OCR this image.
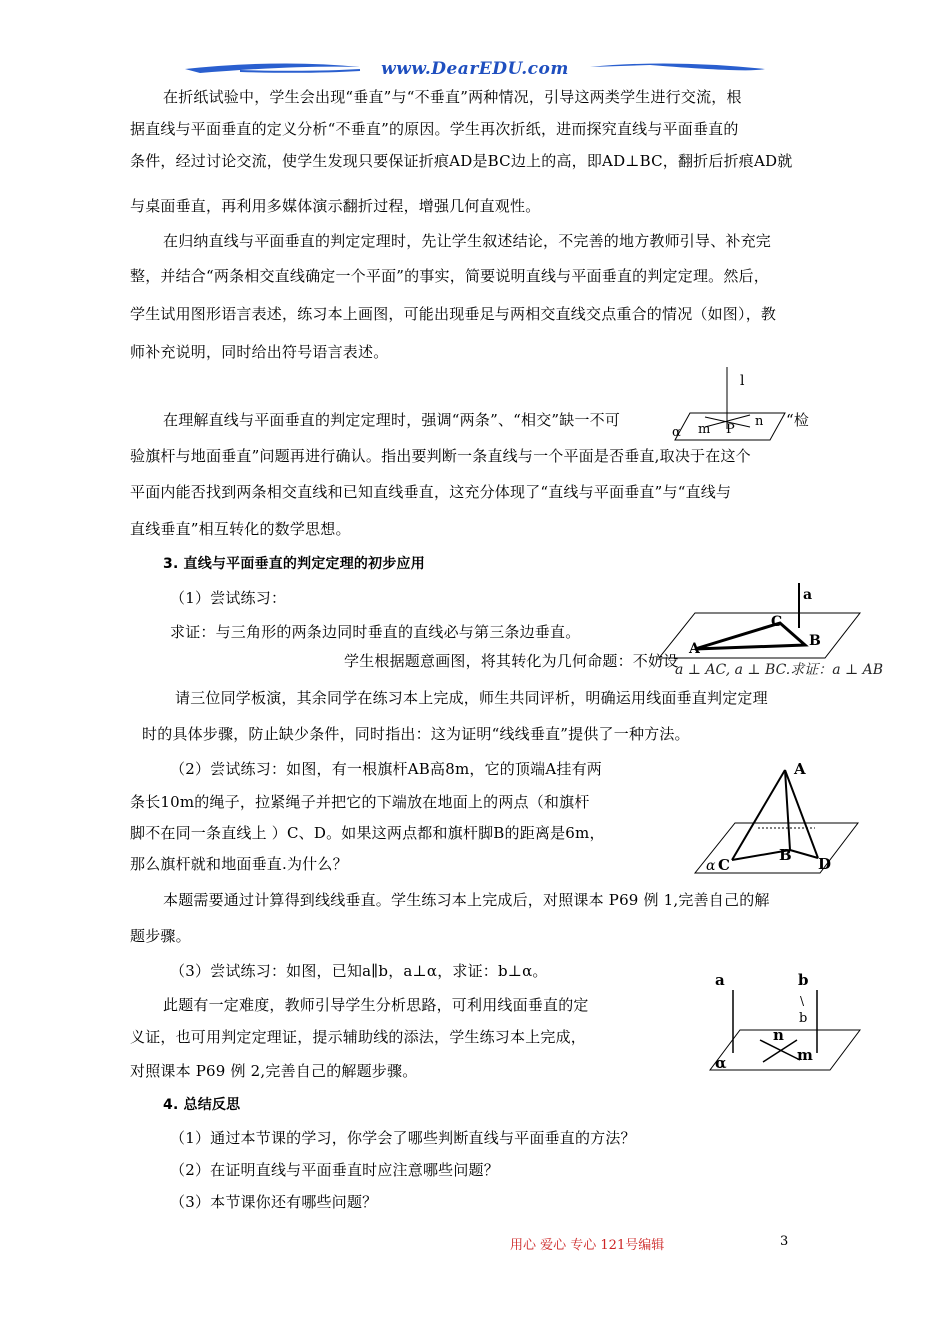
www.DearEDU.com
在折纸试验中，学生会出现“垂直”与“不垂直”两种情况，引导这两类学生进行交流，根
据直线与平面垂直的定义分析“不垂直”的原因。学生再次折纸，进而探究直线与平面垂直的
条件，经过讨论交流，使学生发现只要保证折痕AD是BC边上的高，即AD⊥BC，翻折后折痕AD就
与桌面垂直，再利用多媒体演示翻折过程，增强几何直观性。
在归纳直线与平面垂直的判定定理时，先让学生叙述结论，不完善的地方教师引导、补充完
整，并结合“两条相交直线确定一个平面”的事实，简要说明直线与平面垂直的判定定理。然后，
学生试用图形语言表述，练习本上画图，可能出现垂足与两相交直线交点重合的情况（如图），教
师补充说明，同时给出符号语言表述。
在理解直线与平面垂直的判定定理时，强调“两条”、“相交”缺一不可	“检
验旗杆与地面垂直”问题再进行确认。指出要判断一条直线与一个平面是否垂直,取决于在这个
平面内能否找到两条相交直线和已知直线垂直，这充分体现了“直线与平面垂直”与“直线与
直线垂直”相互转化的数学思想。
l
n
α m P
3. 直线与平面垂直的判定定理的初步应用
（1）尝试练习：
求证：与三角形的两条边同时垂直的直线必与第三条边垂直。
学生根据题意画图，将其转化为几何命题：不妨设
a ⊥ AC, a ⊥ BC.求证：a ⊥ AB
a
C
A	B
请三位同学板演，其余同学在练习本上完成，师生共同评析，明确运用线面垂直判定定理
时的具体步骤，防止缺少条件，同时指出：这为证明“线线垂直”提供了一种方法。
（2）尝试练习：如图，有一根旗杆AB高8m，它的顶端A挂有两
条长10m的绳子，拉紧绳子并把它的下端放在地面上的两点（和旗杆
脚不在同一条直线上 ）C、D。如果这两点都和旗杆脚B的距离是6m，
那么旗杆就和地面垂直.为什么？
A
B
C	D
α
本题需要通过计算得到线线垂直。学生练习本上完成后，对照课本 P69 例 1,完善自己的解
题步骤。
（3）尝试练习：如图，已知a∥b，a⊥α，求证：b⊥α。
此题有一定难度，教师引导学生分析思路，可利用线面垂直的定
义证，也可用判定定理证，提示辅助线的添法，学生练习本上完成，
对照课本 P69 例 2,完善自己的解题步骤。
a	b
\
b
n
m
α
4. 总结反思
（1）通过本节课的学习，你学会了哪些判断直线与平面垂直的方法？
（2）在证明直线与平面垂直时应注意哪些问题？
（3）本节课你还有哪些问题？
用心 爱心 专心 121号编辑	3
